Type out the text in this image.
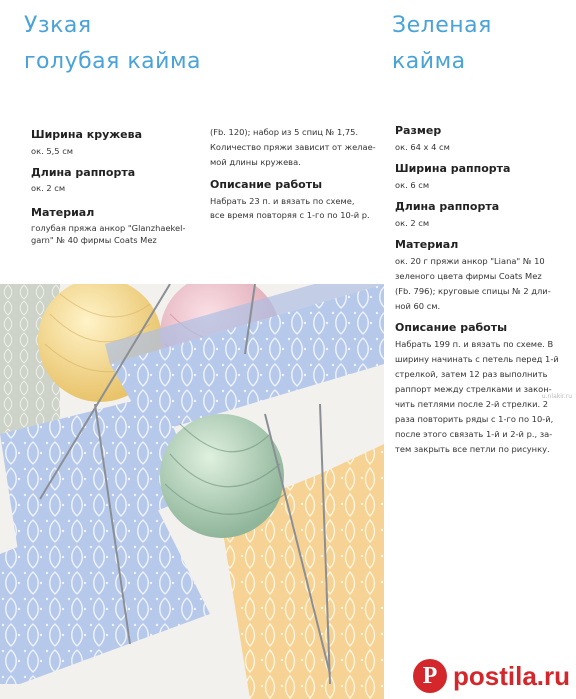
Узкая
голубая кайма
Ширина кружева
ок. 5,5 см
Длина раппорта
ок. 2 см
Материал
голубая пряжа анкор "Glanzhaekel-
garn" № 40 фирмы Coats Mez
(Fb. 120); набор из 5 спиц № 1,75.
Количество пряжи зависит от желае-
мой длины кружева.
Описание работы
Набрать 23 п. и вязать по схеме,
все время повторяя с 1-го по 10-й р.
Зеленая
кайма
Размер
ок. 64 х 4 см
Ширина раппорта
ок. 6 см
Длина раппорта
ок. 2 см
Материал
ок. 20 г пряжи анкор "Liana" № 10
зеленого цвета фирмы Coats Mez
(Fb. 796); круговые спицы № 2 дли-
ной 60 см.
Описание работы
Набрать 199 п. и вязать по схеме. В
ширину начинать с петель перед 1-й
стрелкой, затем 12 раз выполнить
раппорт между стрелками и закон-
чить петлями после 2-й стрелки. 2
раза повторить ряды с 1-го по 10-й,
после этого связать 1-й и 2-й р., за-
тем закрыть все петли по рисунку.
u.nlakir.ru
P postila.ru
